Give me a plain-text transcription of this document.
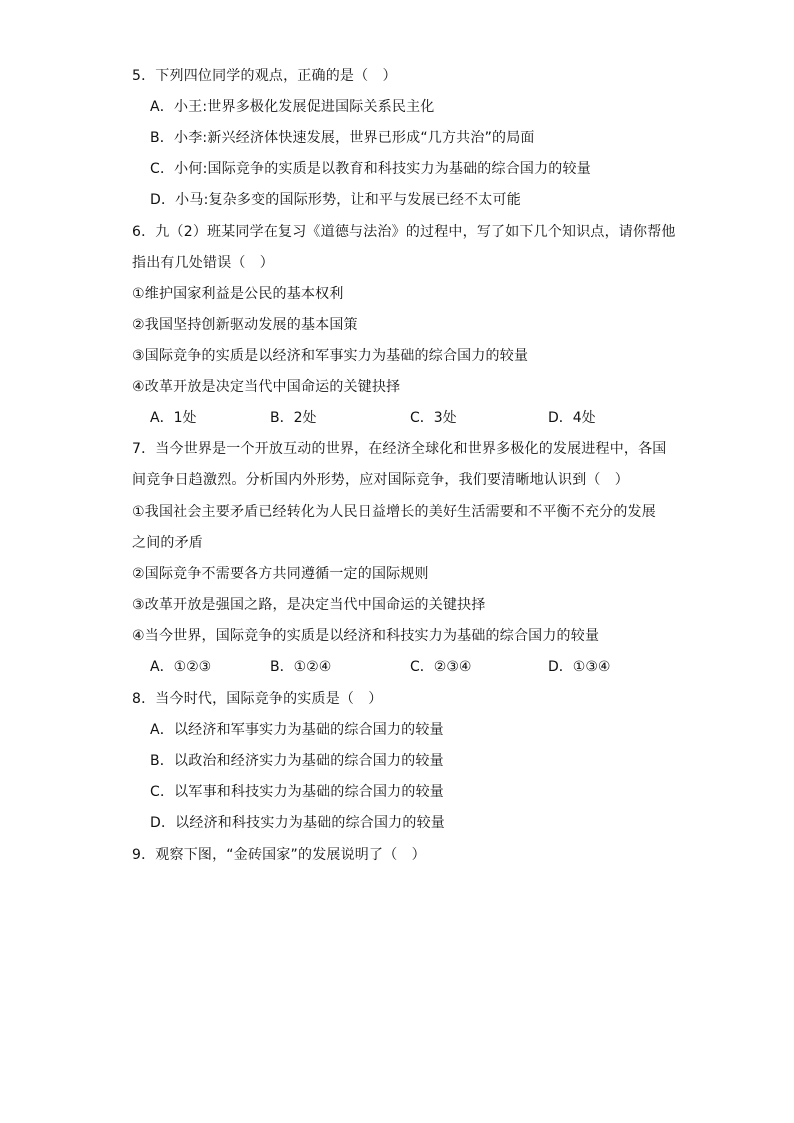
5．下列四位同学的观点，正确的是（　）
A．小王:世界多极化发展促进国际关系民主化
B．小李:新兴经济体快速发展，世界已形成“几方共治”的局面
C．小何:国际竞争的实质是以教育和科技实力为基础的综合国力的较量
D．小马:复杂多变的国际形势，让和平与发展已经不太可能
6．九（2）班某同学在复习《道德与法治》的过程中，写了如下几个知识点，请你帮他
指出有几处错误（　）
①维护国家利益是公民的基本权利
②我国坚持创新驱动发展的基本国策
③国际竞争的实质是以经济和军事实力为基础的综合国力的较量
④改革开放是决定当代中国命运的关键抉择
A．1处	B．2处	C．3处	D．4处
7．当今世界是一个开放互动的世界，在经济全球化和世界多极化的发展进程中，各国
间竞争日趋激烈。分析国内外形势，应对国际竞争，我们要清晰地认识到（　）
①我国社会主要矛盾已经转化为人民日益增长的美好生活需要和不平衡不充分的发展
之间的矛盾
②国际竞争不需要各方共同遵循一定的国际规则
③改革开放是强国之路，是决定当代中国命运的关键抉择
④当今世界，国际竞争的实质是以经济和科技实力为基础的综合国力的较量
A．①②③	B．①②④	C．②③④	D．①③④
8．当今时代，国际竞争的实质是（　）
A．以经济和军事实力为基础的综合国力的较量
B．以政治和经济实力为基础的综合国力的较量
C．以军事和科技实力为基础的综合国力的较量
D．以经济和科技实力为基础的综合国力的较量
9．观察下图，“金砖国家”的发展说明了（　）
